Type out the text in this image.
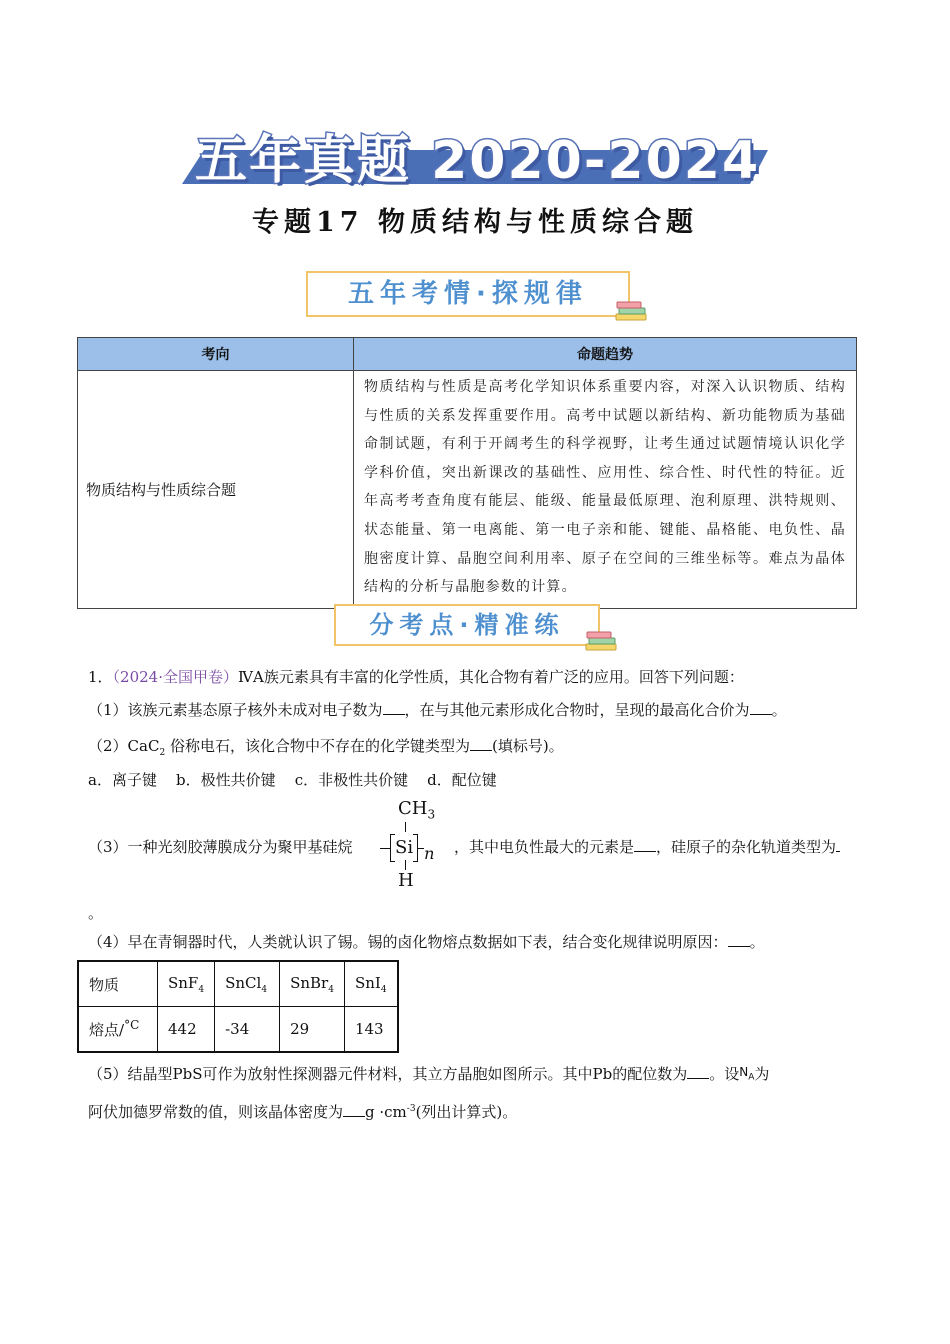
五年真题 2020-2024
专题17 物质结构与性质综合题
五年考情·探规律
考向	命题趋势
物质结构与性质综合题	物质结构与性质是高考化学知识体系重要内容，对深入认识物质、结构与性质的关系发挥重要作用。高考中试题以新结构、新功能物质为基础命制试题，有利于开阔考生的科学视野，让考生通过试题情境认识化学学科价值，突出新课改的基础性、应用性、综合性、时代性的特征。近年高考考查角度有能层、能级、能量最低原理、泡利原理、洪特规则、状态能量、第一电离能、第一电子亲和能、键能、晶格能、电负性、晶胞密度计算、晶胞空间利用率、原子在空间的三维坐标等。难点为晶体结构的分析与晶胞参数的计算。
分考点·精准练
1．（2024·全国甲卷）ⅣA族元素具有丰富的化学性质，其化合物有着广泛的应用。回答下列问题：
（1）该族元素基态原子核外未成对电子数为 ，在与其他元素形成化合物时，呈现的最高化合价为 。
（2）CaC$_2$ 俗称电石，该化合物中不存在的化学键类型为 (填标号)。
a．离子键    b．极性共价键    c．非极性共价键    d．配位键
（3）一种光刻胶薄膜成分为聚甲基硅烷
$CH_3$
Si n
H
，其中电负性最大的元素是 ，硅原子的杂化轨道类型为
。
（4）早在青铜器时代，人类就认识了锡。锡的卤化物熔点数据如下表，结合变化规律说明原因： 。
物质	SnF$_4$	SnCl$_4$	SnBr$_4$	SnI$_4$
熔点/$^{^\circ C}$	442	-34	29	143
（5）结晶型PbS可作为放射性探测器元件材料，其立方晶胞如图所示。其中Pb的配位数为 。设$^{N_A}$为
阿伏加德罗常数的值，则该晶体密度为 $g \cdot cm^{-3}$(列出计算式)。
